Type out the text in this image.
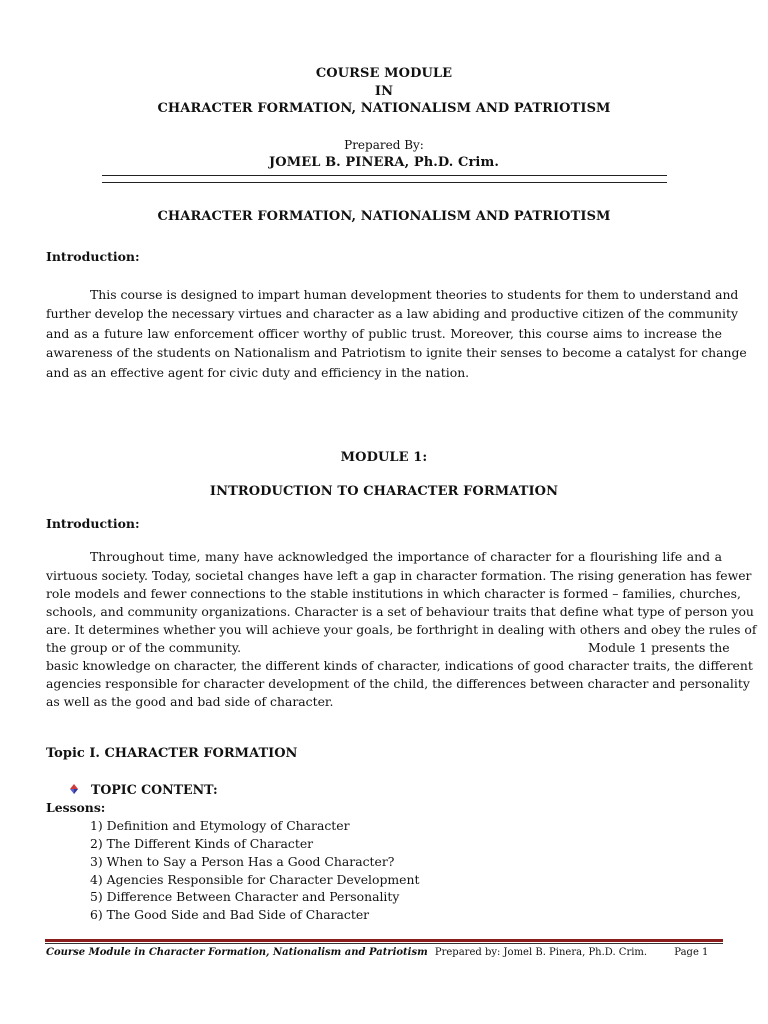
COURSE MODULE
IN
CHARACTER FORMATION, NATIONALISM AND PATRIOTISM
Prepared By:
JOMEL B. PINERA, Ph.D. Crim.
CHARACTER FORMATION, NATIONALISM AND PATRIOTISM
Introduction:
This course is designed to impart human development theories to students for them to understand and
further develop the necessary virtues and character as a law abiding and productive citizen of the community
and as a future law enforcement officer worthy of public trust. Moreover, this course aims to increase the
awareness of the students on Nationalism and Patriotism to ignite their senses to become a catalyst for change
and as an effective agent for civic duty and efficiency in the nation.
MODULE 1:
INTRODUCTION TO CHARACTER FORMATION
Introduction:
Throughout time, many have acknowledged the importance of character for a flourishing life and a
virtuous society. Today, societal changes have left a gap in character formation. The rising generation has fewer
role models and fewer connections to the stable institutions in which character is formed – families, churches,
schools, and community organizations. Character is a set of behaviour traits that define what type of person you
are. It determines whether you will achieve your goals, be forthright in dealing with others and obey the rules of
the group or of the community.	Module 1 presents the
basic knowledge on character, the different kinds of character, indications of good character traits, the different
agencies responsible for character development of the child, the differences between character and personality
as well as the good and bad side of character.
Topic I. CHARACTER FORMATION
TOPIC CONTENT:
Lessons:
1) Definition and Etymology of Character
2) The Different Kinds of Character
3) When to Say a Person Has a Good Character?
4) Agencies Responsible for Character Development
5) Difference Between Character and Personality
6) The Good Side and Bad Side of Character
Course Module in Character Formation, Nationalism and Patriotism Prepared by: Jomel B. Pinera, Ph.D. Crim.	Page 1
